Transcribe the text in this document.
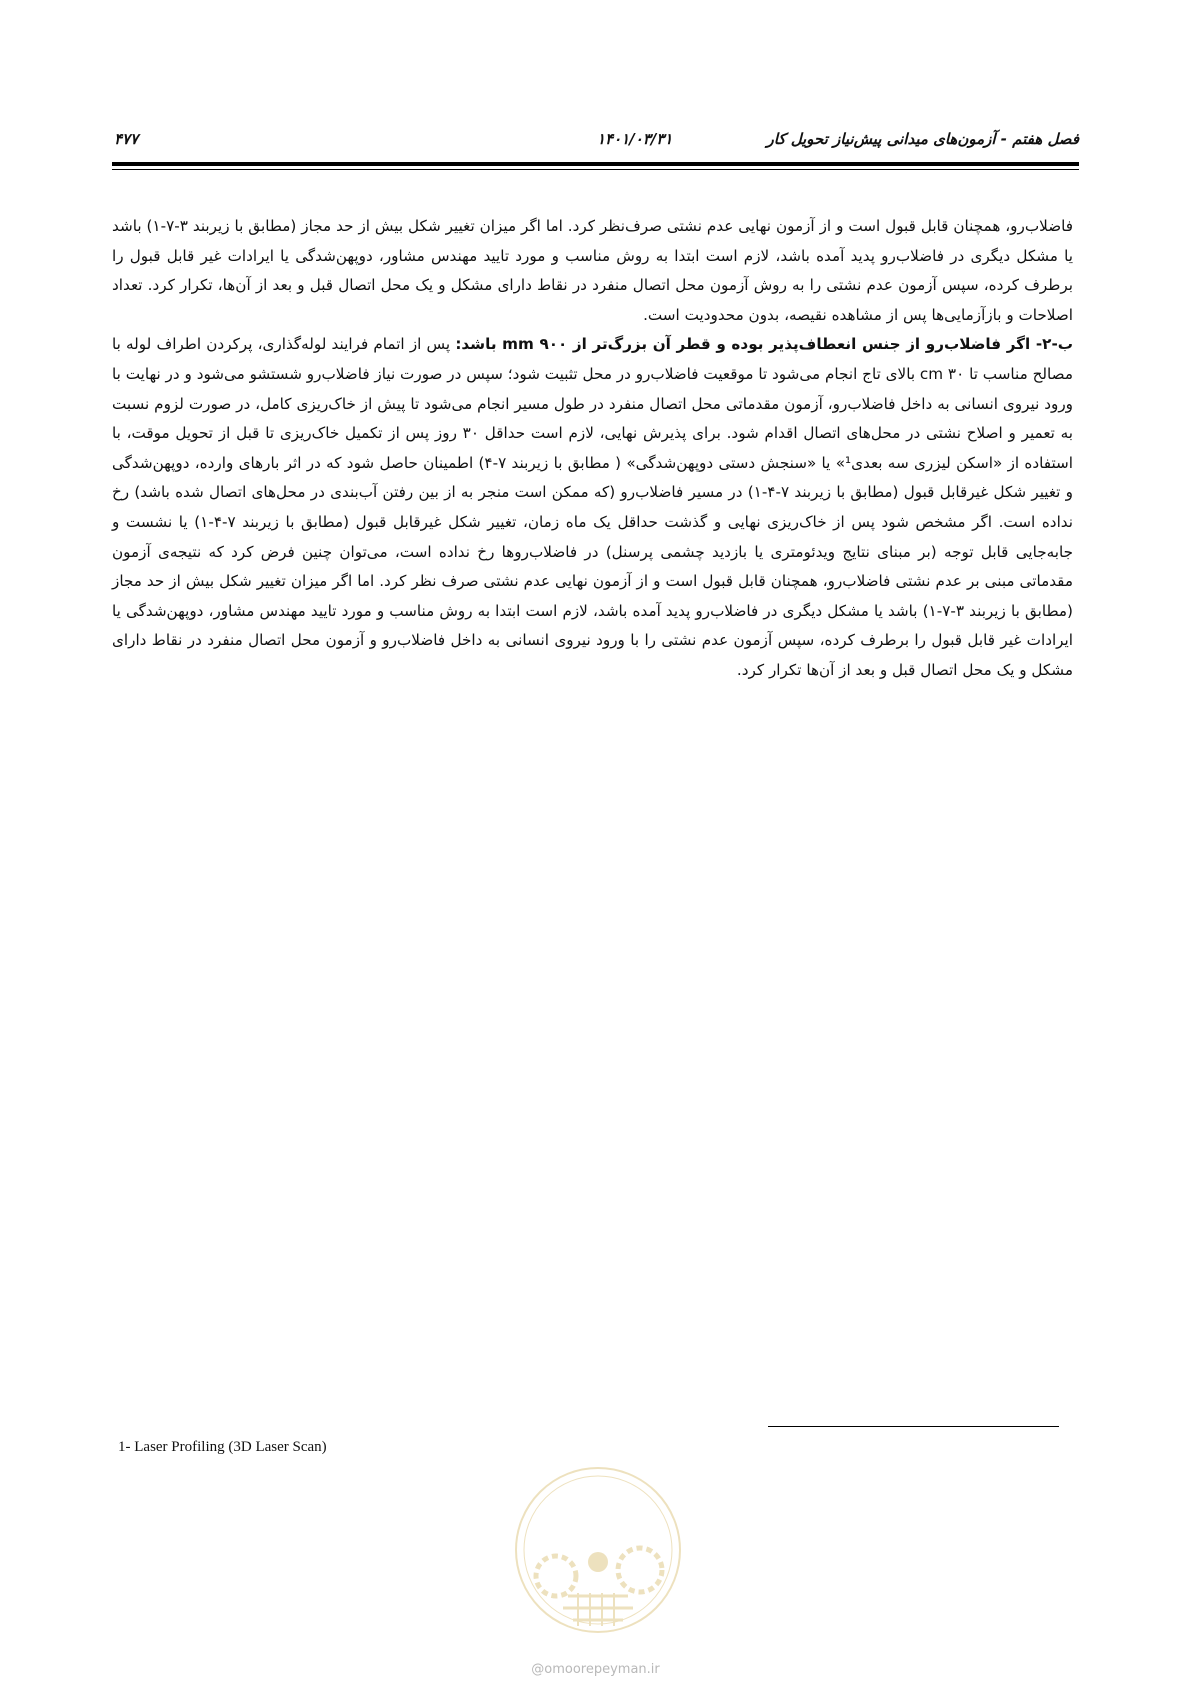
فصل هفتم - آزمون‌های میدانی پیش‌نیاز تحویل کار
۱۴۰۱/۰۳/۳۱
۴۷۷

فاضلاب‌رو، همچنان قابل قبول است و از آزمون نهایی عدم نشتی صرف‌نظر کرد. اما اگر میزان تغییر شکل بیش از حد مجاز (مطابق با زیربند ۳-۷-۱) باشد یا مشکل دیگری در فاضلاب‌رو پدید آمده باشد، لازم است ابتدا به روش مناسب و مورد تایید مهندس مشاور، دوپهن‌شدگی یا ایرادات غیر قابل قبول را برطرف کرده، سپس آزمون عدم نشتی را به روش آزمون محل اتصال منفرد در نقاط دارای مشکل و یک محل اتصال قبل و بعد از آن‌ها، تکرار کرد. تعداد اصلاحات و بازآزمایی‌ها پس از مشاهده نقیصه، بدون محدودیت است.

ب-۲- اگر فاضلاب‌رو از جنس انعطاف‌پذیر بوده و قطر آن بزرگ‌تر از mm ۹۰۰ باشد: پس از اتمام فرایند لوله‌گذاری، پرکردن اطراف لوله با مصالح مناسب تا cm ۳۰ بالای تاج انجام می‌شود تا موقعیت فاضلاب‌رو در محل تثبیت شود؛ سپس در صورت نیاز فاضلاب‌رو شستشو می‌شود و در نهایت با ورود نیروی انسانی به داخل فاضلاب‌رو، آزمون مقدماتی محل اتصال منفرد در طول مسیر انجام می‌شود تا پیش از خاک‌ریزی کامل، در صورت لزوم نسبت به تعمیر و اصلاح نشتی در محل‌های اتصال اقدام شود. برای پذیرش نهایی، لازم است حداقل ۳۰ روز پس از تکمیل خاک‌ریزی تا قبل از تحویل موقت، با استفاده از «اسکن لیزری سه بعدی¹» یا «سنجش دستی دوپهن‌شدگی» ( مطابق با زیربند ۷-۴) اطمینان حاصل شود که در اثر بارهای وارده، دوپهن‌شدگی و تغییر شکل غیرقابل قبول (مطابق با زیربند ۷-۴-۱) در مسیر فاضلاب‌رو (که ممکن است منجر به از بین رفتن آب‌بندی در محل‌های اتصال شده باشد) رخ نداده است. اگر مشخص شود پس از خاک‌ریزی نهایی و گذشت حداقل یک ماه زمان، تغییر شکل غیرقابل قبول (مطابق با زیربند ۷-۴-۱) یا نشست و جابه‌جایی قابل توجه (بر مبنای نتایج ویدئومتری یا بازدید چشمی پرسنل) در فاضلاب‌روها رخ نداده است، می‌توان چنین فرض کرد که نتیجه‌ی آزمون مقدماتی مبنی بر عدم نشتی فاضلاب‌رو، همچنان قابل قبول است و از آزمون نهایی عدم نشتی صرف نظر کرد. اما اگر میزان تغییر شکل بیش از حد مجاز (مطابق با زیربند ۳-۷-۱) باشد یا مشکل دیگری در فاضلاب‌رو پدید آمده باشد، لازم است ابتدا به روش مناسب و مورد تایید مهندس مشاور، دوپهن‌شدگی یا ایرادات غیر قابل قبول را برطرف کرده، سپس آزمون عدم نشتی را با ورود نیروی انسانی به داخل فاضلاب‌رو و آزمون محل اتصال منفرد در نقاط دارای مشکل و یک محل اتصال قبل و بعد از آن‌ها تکرار کرد.

1- Laser Profiling (3D Laser Scan)
@omoorepeyman.ir
